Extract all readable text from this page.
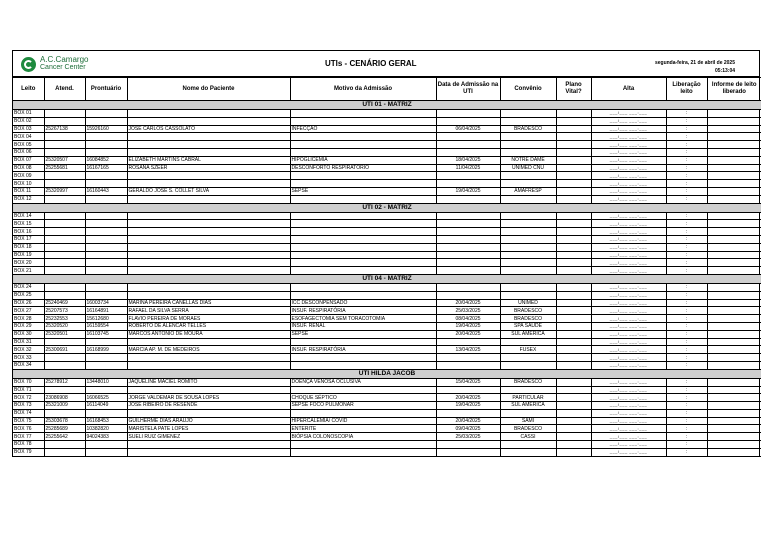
A.C.Camargo
Cancer Center	UTIs - CENÁRIO GERAL	segunda-feira, 21 de abril de 2025
05:13:04
Leito	Atend.	Prontuário	Nome do Paciente	Motivo da Admissão	Data de Admissão na UTI	Convênio	Plano Vital?	Alta	Liberação leito	Informe de leito liberado
UTI 01 - MATRIZ										
BOX 01								___/___ ___:___	:	
BOX 02								___/___ ___:___	:	
BOX 03	25267138	15926160	JOSE CARLOS CASSOLATO	INFECÇÃO	06/04/2025	BRADESCO		___/___ ___:___	:	
BOX 04								___/___ ___:___	:	
BOX 05								___/___ ___:___	:	
BOX 06								___/___ ___:___	:	
BOX 07	25320507	16084852	ELIZABETH MARTINS CABRAL	HIPOGLICEMIA	18/04/2025	NOTRE DAME		___/___ ___:___	:	
BOX 08	25255681	16167165	ROSANA SZEER	DESCONFORTO RESPIRATÓRIO	11/04/2025	UNIMED CNU		___/___ ___:___	:	
BOX 09								___/___ ___:___	:	
BOX 10								___/___ ___:___	:	
BOX 11	25320997	16160443	GERALDO JOSE S. COLLET SILVA	SEPSE	19/04/2025	AMAFRESP		___/___ ___:___	:	
BOX 12								___/___ ___:___	:	
UTI 02 - MATRIZ										
BOX 14								___/___ ___:___	:	
BOX 15								___/___ ___:___	:	
BOX 16								___/___ ___:___	:	
BOX 17								___/___ ___:___	:	
BOX 18								___/___ ___:___	:	
BOX 19								___/___ ___:___	:	
BOX 20								___/___ ___:___	:	
BOX 21								___/___ ___:___	:	
UTI 04 - MATRIZ										
BOX 24								___/___ ___:___	:	
BOX 25								___/___ ___:___	:	
BOX 26	25240469	16003734	MARINA PEREIRA CANELLAS DIAS	ICC DESCONPENSADO	20/04/2025	UNIMED		___/___ ___:___	:	
BOX 27	25207573	16164891	RAFAEL DA SILVA SERRA	INSUF. RESPIRATÓRIA	25/03/2025	BRADESCO		___/___ ___:___	:	
BOX 28	25232553	15612680	FLAVIO PEREIRA DE MORAES	ESOFAGECTOMIA SEM TORACOTOMIA	08/04/2025	BRADESCO		___/___ ___:___	:	
BOX 29	25320520	16159554	ROBERTO DE ALENCAR TELLES	INSUF. RENAL	19/04/2025	SPA SAUDE		___/___ ___:___	:	
BOX 30	25320501	16103745	MARCOS ANTONIO DE MOURA	SEPSE	20/04/2025	SUL AMERICA		___/___ ___:___	:	
BOX 31								___/___ ___:___	:	
BOX 32	25300691	16168999	MARCIA AP. M. DE MEDEIROS	INSUF. RESPIRATÓRIA	13/04/2025	FUSEX		___/___ ___:___	:	
BOX 33								___/___ ___:___	:	
BOX 34								___/___ ___:___	:	
UTI HILDA JACOB										
BOX 70	25278912	13448010	JAQUELINE MACIEL ROMITO	DOENÇA VENOSA OCLUSIVA	15/04/2025	BRADESCO		___/___ ___:___	:	
BOX 71								___/___ ___:___	:	
BOX 72	23086908	16066525	JORGE VALDEMAR DE SOUSA LOPES	CHOQUE SÉPTICO	20/04/2025	PARTICULAR		___/___ ___:___	:	
BOX 73	25321009	16114049	JOSE RIBEIRO DE RESENDE	SEPSE FOCO PULMONAR	19/04/2025	SUL AMERICA		___/___ ___:___	:	
BOX 74								___/___ ___:___	:	
BOX 75	25303678	16168453	GUILHERME DIAS ARAUJO	HIPERCALEMIA/ COVID	20/04/2025	SAMI		___/___ ___:___	:	
BOX 76	25285689	10382820	MARISTELA PATE LOPES	ENTERITE	09/04/2025	BRADESCO		___/___ ___:___	:	
BOX 77	25255642	94024383	SUELI RUIZ GIMENEZ	BIÓPSIA COLONOSCOPIA	25/03/2025	CASSI		___/___ ___:___	:	
BOX 78								___/___ ___:___	:	
BOX 79								___/___ ___:___	:	
